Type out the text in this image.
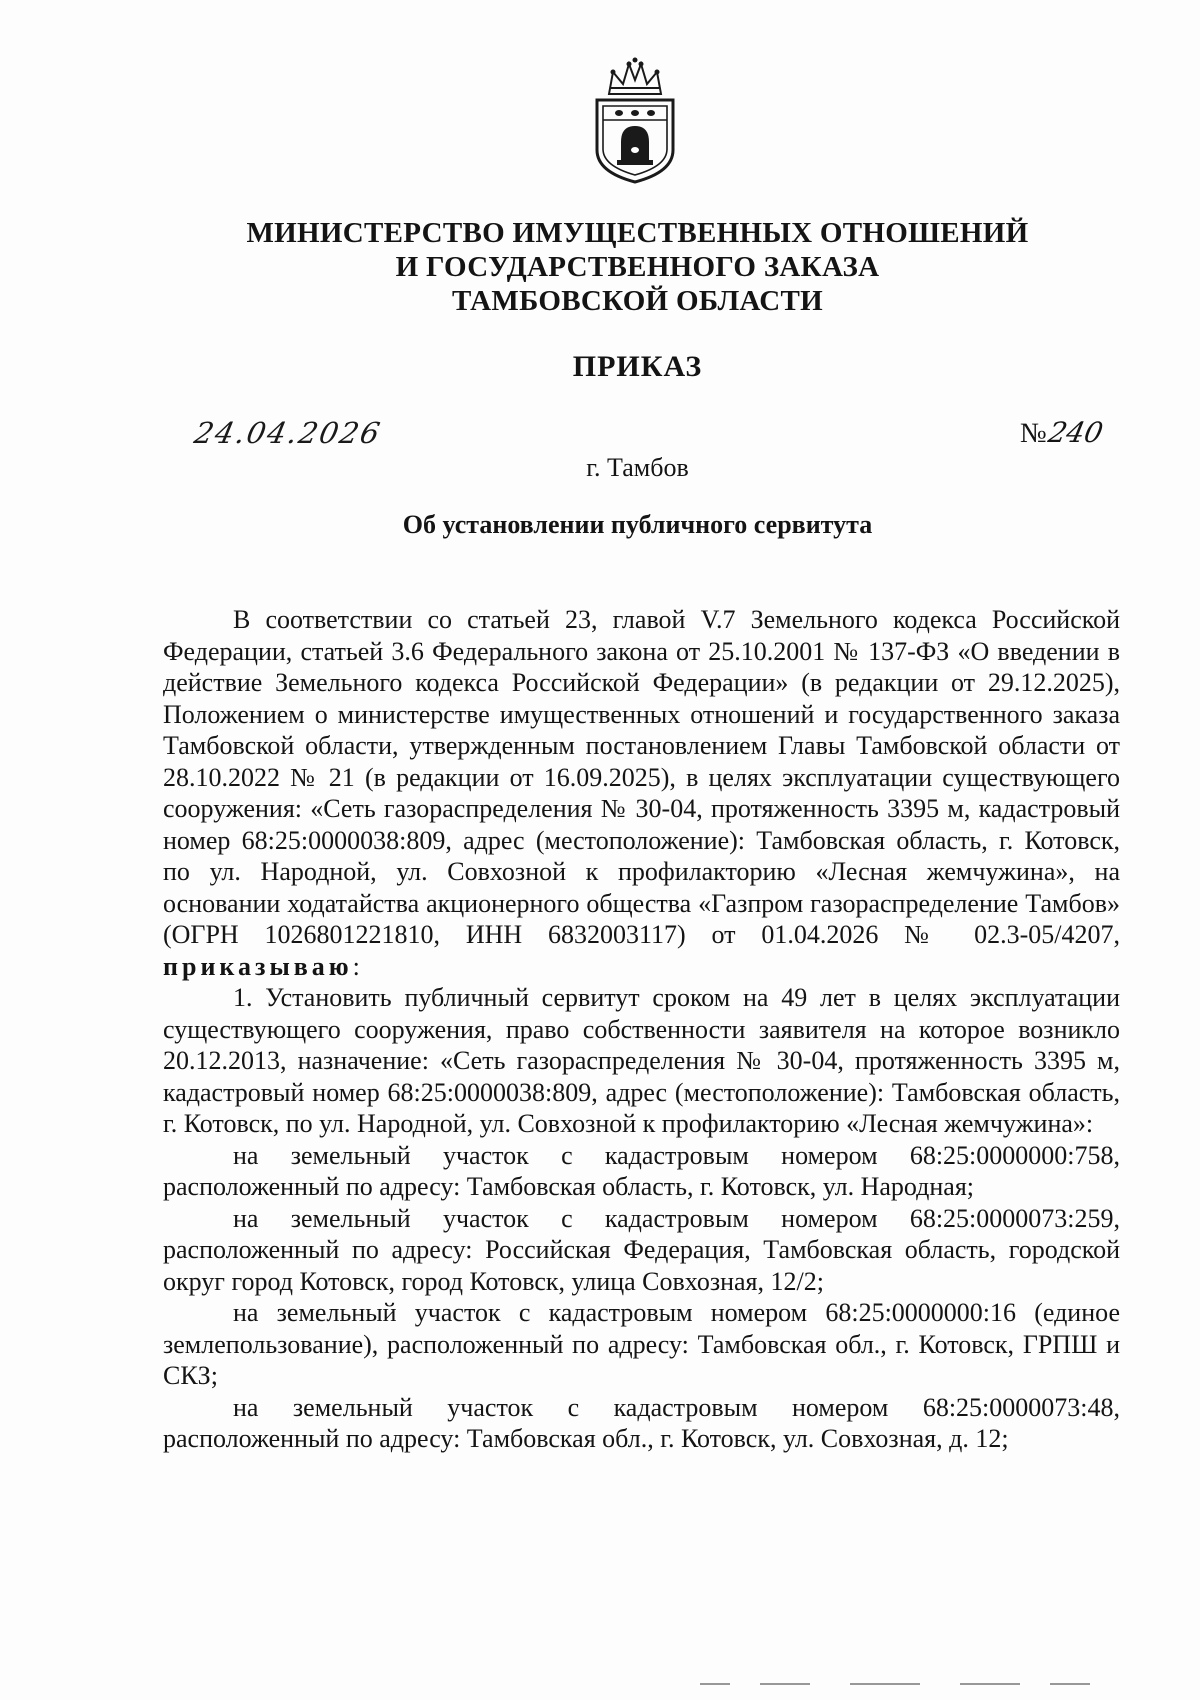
МИНИСТЕРСТВО ИМУЩЕСТВЕННЫХ ОТНОШЕНИЙ
И ГОСУДАРСТВЕННОГО ЗАКАЗА
ТАМБОВСКОЙ ОБЛАСТИ
ПРИКАЗ
24.04.2026	№240
г. Тамбов
Об установлении публичного сервитута

В соответствии со статьей 23, главой V.7 Земельного кодекса Российской Федерации, статьей 3.6 Федерального закона от 25.10.2001 № 137-ФЗ «О введении в действие Земельного кодекса Российской Федерации» (в редакции от 29.12.2025), Положением о министерстве имущественных отношений и государственного заказа Тамбовской области, утвержденным постановлением Главы Тамбовской области от 28.10.2022 № 21 (в редакции от 16.09.2025), в целях эксплуатации существующего сооружения: «Сеть газораспределения № 30-04, протяженность 3395 м, кадастровый номер 68:25:0000038:809, адрес (местоположение): Тамбовская область, г. Котовск, по ул. Народной, ул. Совхозной к профилакторию «Лесная жемчужина», на основании ходатайства акционерного общества «Газпром газораспределение Тамбов» (ОГРН 1026801221810, ИНН 6832003117) от 01.04.2026 № 02.3-05/4207, приказываю:

1. Установить публичный сервитут сроком на 49 лет в целях эксплуатации существующего сооружения, право собственности заявителя на которое возникло 20.12.2013, назначение: «Сеть газораспределения № 30-04, протяженность 3395 м, кадастровый номер 68:25:0000038:809, адрес (местоположение): Тамбовская область, г. Котовск, по ул. Народной, ул. Совхозной к профилакторию «Лесная жемчужина»:

на земельный участок с кадастровым номером 68:25:0000000:758, расположенный по адресу: Тамбовская область, г. Котовск, ул. Народная;

на земельный участок с кадастровым номером 68:25:0000073:259, расположенный по адресу: Российская Федерация, Тамбовская область, городской округ город Котовск, город Котовск, улица Совхозная, 12/2;

на земельный участок с кадастровым номером 68:25:0000000:16 (единое землепользование), расположенный по адресу: Тамбовская обл., г. Котовск, ГРПШ и СКЗ;

на земельный участок с кадастровым номером 68:25:0000073:48, расположенный по адресу: Тамбовская обл., г. Котовск, ул. Совхозная, д. 12;
